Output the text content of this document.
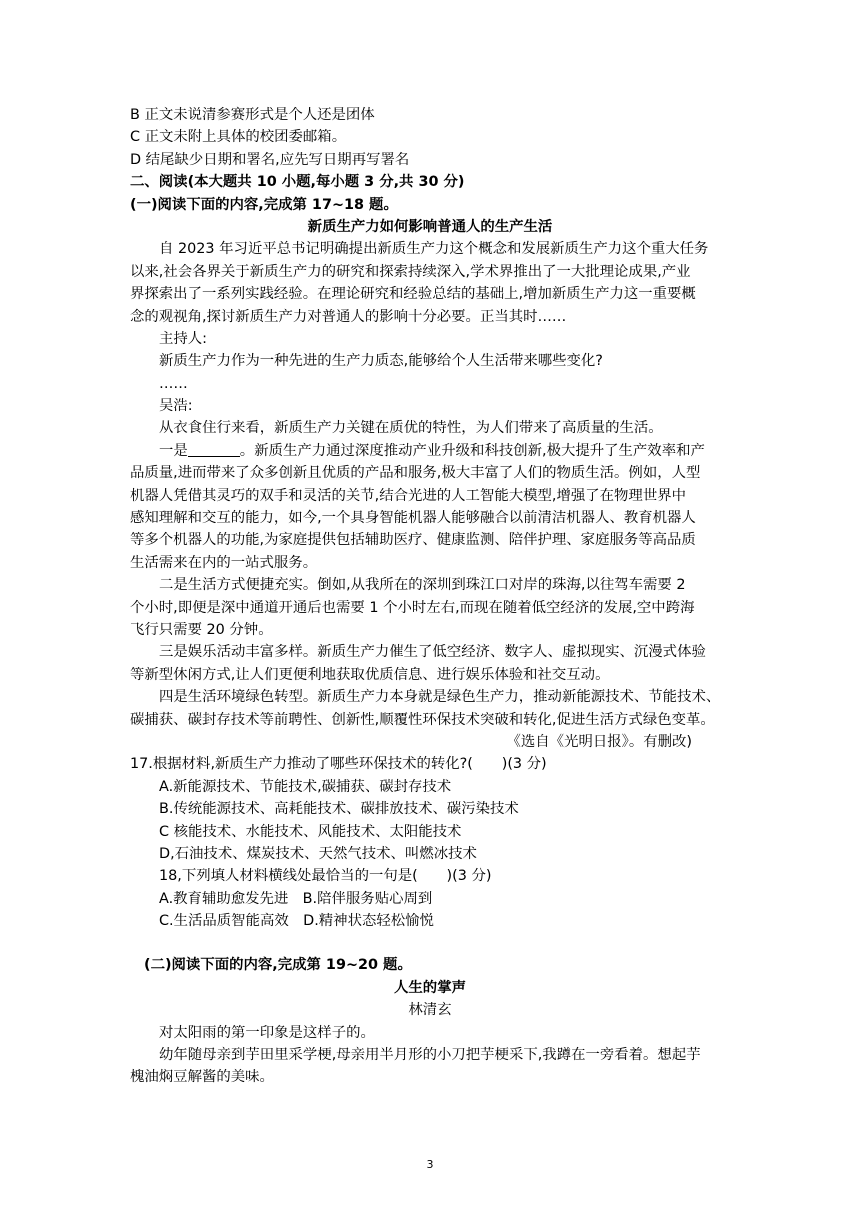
B 正文未说清参赛形式是个人还是团体
C 正文未附上具体的校团委邮箱。
D 结尾缺少日期和署名,应先写日期再写署名
二、阅读(本大题共 10 小题,每小题 3 分,共 30 分)
(一)阅读下面的内容,完成第 17~18 题。
新质生产力如何影响普通人的生产生活
自 2023 年习近平总书记明确提出新质生产力这个概念和发展新质生产力这个重大任务
以来,社会各界关于新质生产力的研究和探索持续深入,学术界推出了一大批理论成果,产业
界探索出了一系列实践经验。在理论研究和经验总结的基础上,增加新质生产力这一重要概
念的观视角,探讨新质生产力对普通人的影响十分必要。正当其时……
主持人:
新质生产力作为一种先进的生产力质态,能够给个人生活带来哪些变化?
……
吴浩:
从衣食住行来看，新质生产力关键在质优的特性，为人们带来了高质量的生活。
一是	。新质生产力通过深度推动产业升级和科技创新,极大提升了生产效率和产
品质量,进而带来了众多创新且优质的产品和服务,极大丰富了人们的物质生活。例如，人型
机器人凭借其灵巧的双手和灵活的关节,结合光进的人工智能大模型,增强了在物理世界中
感知理解和交互的能力，如今,一个具身智能机器人能够融合以前清洁机器人、教育机器人
等多个机器人的功能,为家庭提供包括辅助医疗、健康监测、陪伴护理、家庭服务等高品质
生活需来在内的一站式服务。
二是生活方式便捷充实。倒如,从我所在的深圳到珠江口对岸的珠海,以往驾车需要 2
个小时,即便是深中通道开通后也需要 1 个小时左右,而现在随着低空经济的发展,空中跨海
飞行只需要 20 分钟。
三是娱乐活动丰富多样。新质生产力催生了低空经济、数字人、虚拟现实、沉漫式体验
等新型休闲方式,让人们更便利地获取优质信息、进行娱乐体验和社交互动。
四是生活环境绿色转型。新质生产力本身就是绿色生产力，推动新能源技术、节能技术、
碳捕获、碳封存技术等前聘性、创新性,顺覆性环保技术突破和转化,促进生活方式绿色变革。
《选自《光明日报》。有删改)
17.根据材料,新质生产力推动了哪些环保技术的转化?(　　)(3 分)
A.新能源技术、节能技术,碳捕获、碳封存技术
B.传统能源技术、高耗能技术、碳排放技术、碳污染技术
C 核能技术、水能技术、风能技术、太阳能技术
D,石油技术、煤炭技术、天然气技术、叫燃冰技术
18,下列填人材料横线处最恰当的一句是(　　)(3 分)
A.教育辅助愈发先进　B.陪伴服务贴心周到
C.生活品质智能高效　D.精神状态轻松愉悦
(二)阅读下面的内容,完成第 19~20 题。
人生的掌声
林清玄
对太阳雨的第一印象是这样子的。
幼年随母亲到芋田里采学梗,母亲用半月形的小刀把芋梗采下,我蹲在一旁看着。想起芋
槐油焖豆解酱的美味。
3
